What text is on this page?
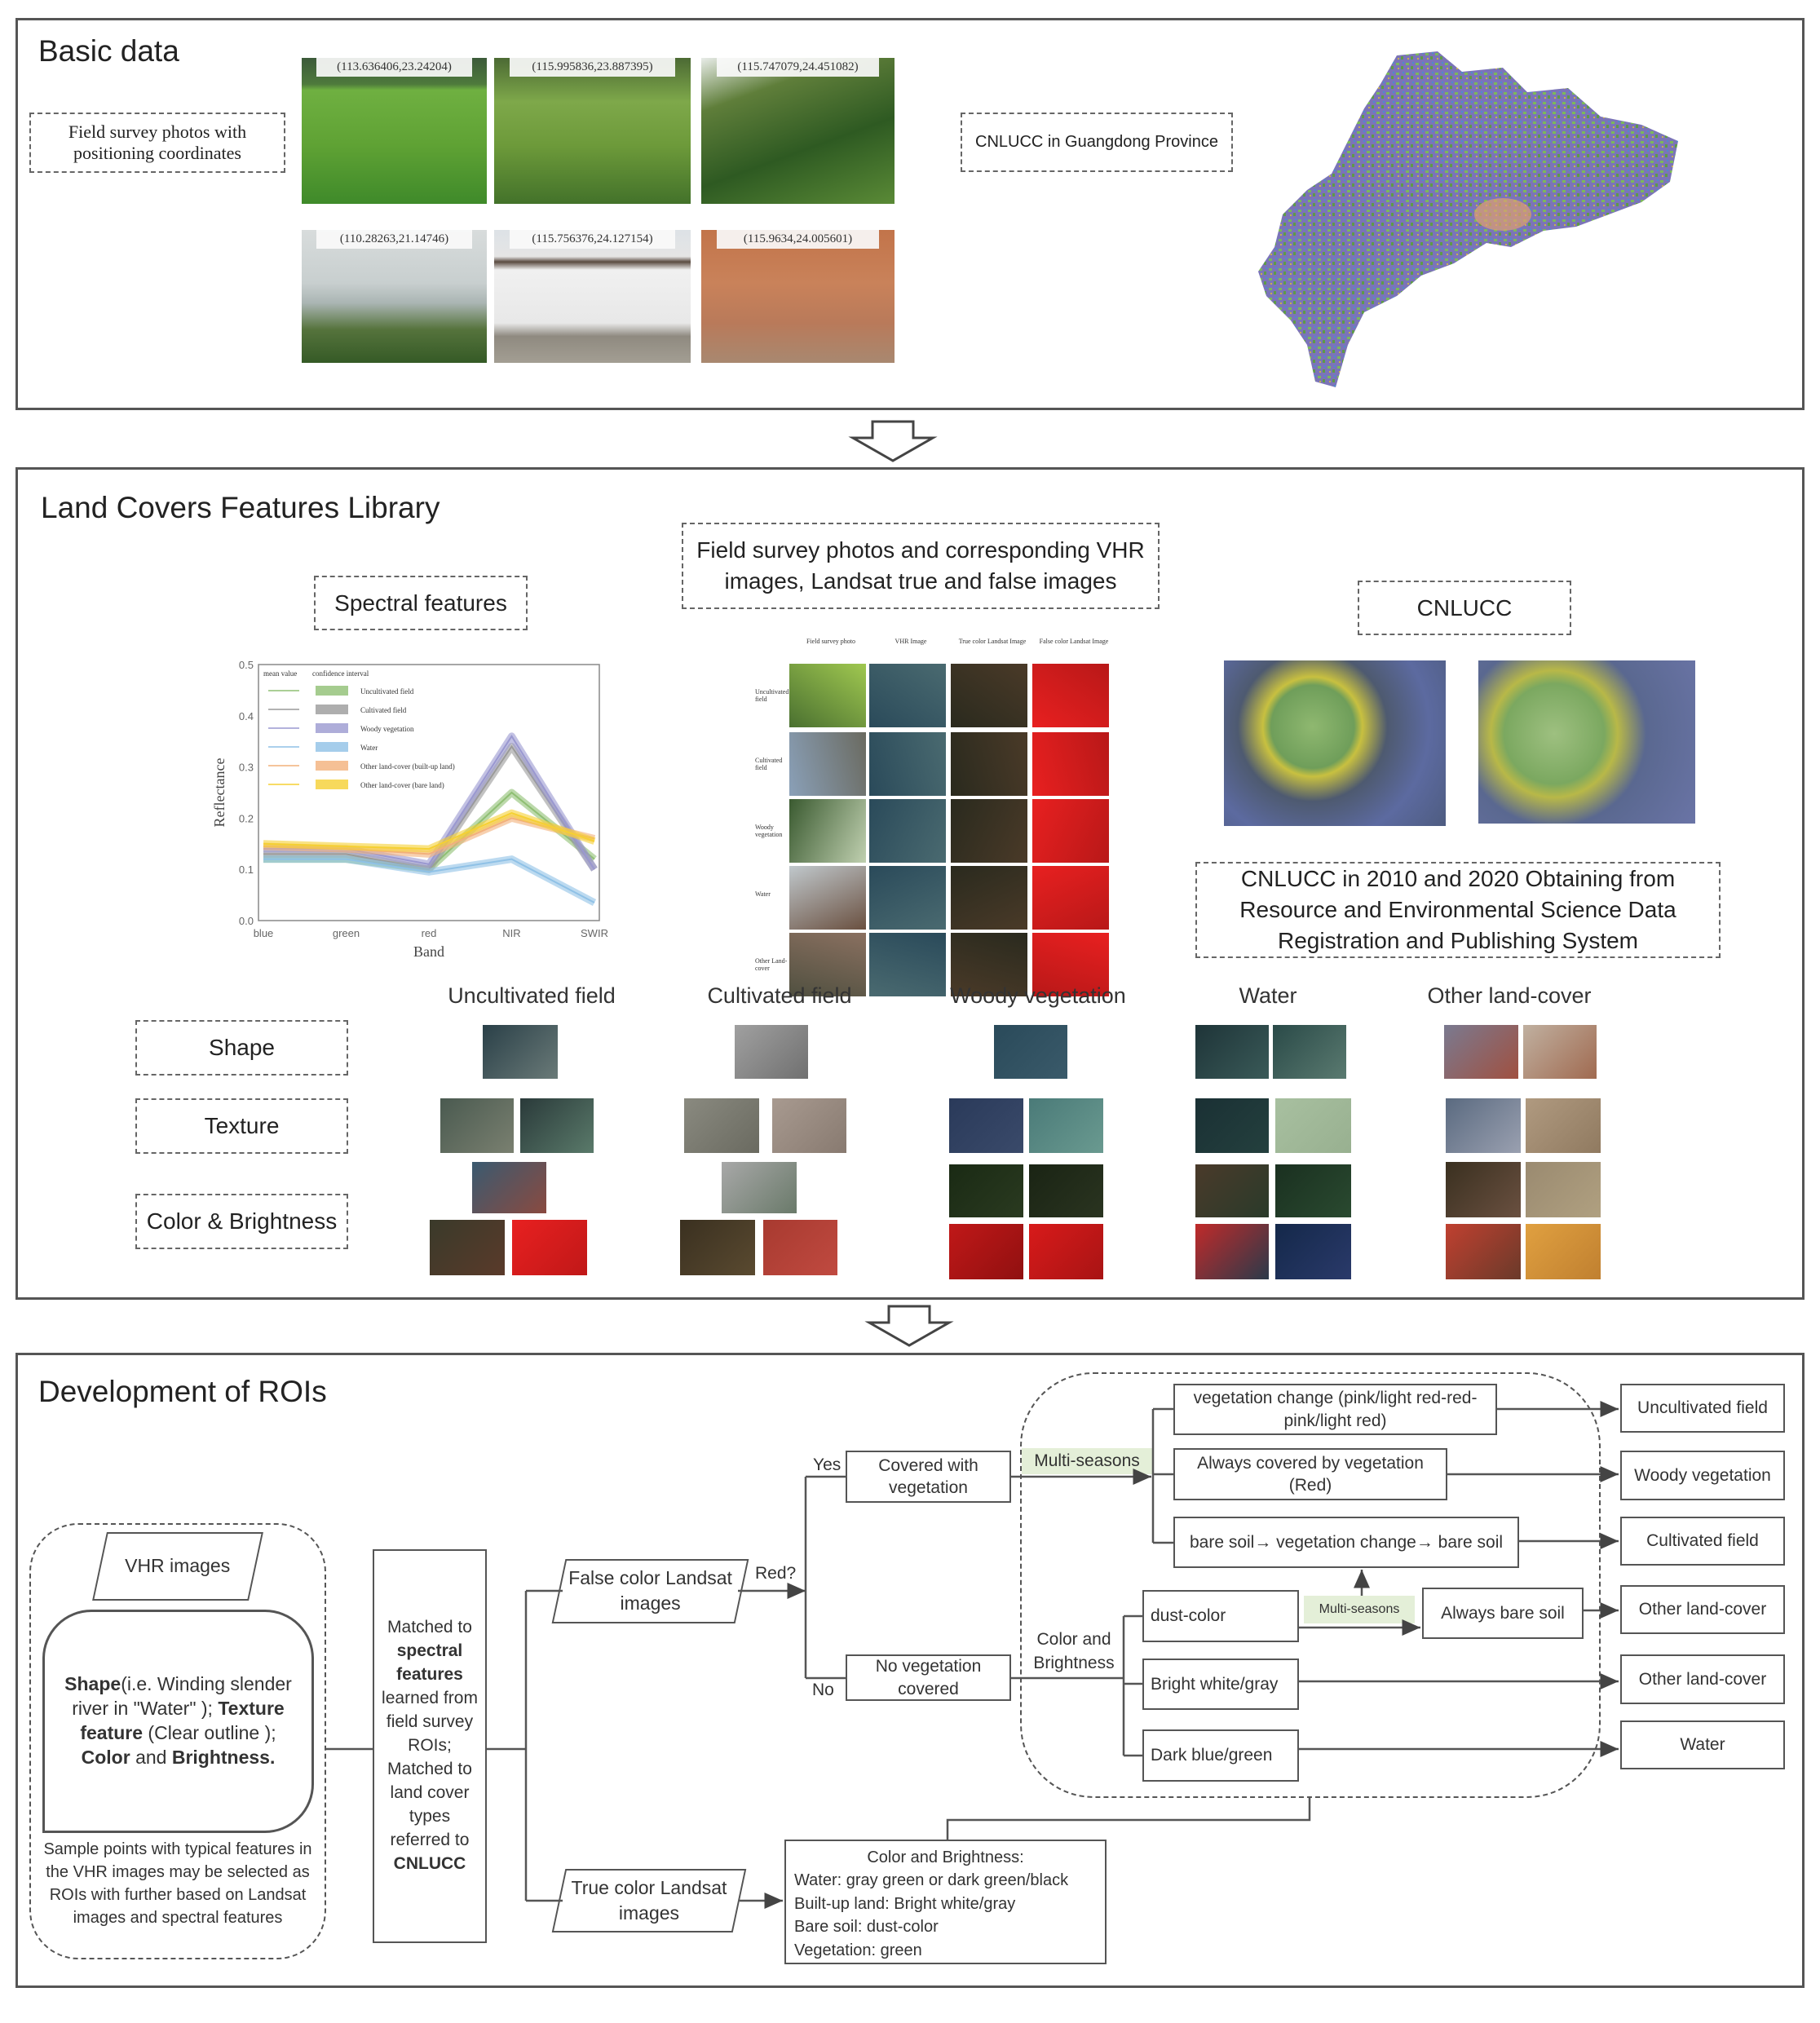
Basic data
Field survey photos with positioning coordinates
CNLUCC in Guangdong Province
(113.636406,23.24204)	(115.995836,23.887395)	(115.747079,24.451082)
(110.28263,21.14746)	(115.756376,24.127154)	(115.9634,24.005601)
Land Covers Features Library
Spectral features
Field survey photos and corresponding VHR images, Landsat true and false images
CNLUCC
CNLUCC in 2010 and 2020 Obtaining from Resource and Environmental Science Data Registration and Publishing System
0.0
0.1
0.2
0.3
0.4
0.5
blue	green	red	NIR	SWIR
Band
Reflectance
mean value confidence interval
Uncultivated field
Cultivated field
Woody vegetation
Water
Other land-cover (built-up land)
Other land-cover (bare land)
Field survey photo	VHR Image	True color Landsat Image	False color Landsat Image
Uncultivated field
Cultivated field
Woody vegetation
Water
Other Land-cover
Uncultivated field	Cultivated field	Woody vegetation	Water	Other land-cover
Shape
Texture
Color & Brightness
Development of ROIs
VHR images
Shape(i.e. Winding slender river in "Water" ); Texture feature (Clear outline ); Color and Brightness.
Sample points with typical features in the VHR images may be selected as ROIs with further based on Landsat images and spectral features
Matched to
spectral features
learned from field survey ROIs; Matched to land cover types referred to
CNLUCC
False color Landsat images
True color Landsat images
Red?
Yes
No
Covered with vegetation
No vegetation covered
Multi-seasons
vegetation change (pink/light red-red-pink/light red)
Always covered by vegetation (Red)
bare soil→ vegetation change→ bare soil
dust-color	Multi-seasons	Always bare soil
Color and Brightness
Bright white/gray
Dark blue/green
Uncultivated field
Woody vegetation
Cultivated field
Other land-cover
Other land-cover
Water
Color and Brightness:
Water: gray green or dark green/black
Built-up land: Bright white/gray
Bare soil: dust-color
Vegetation: green
